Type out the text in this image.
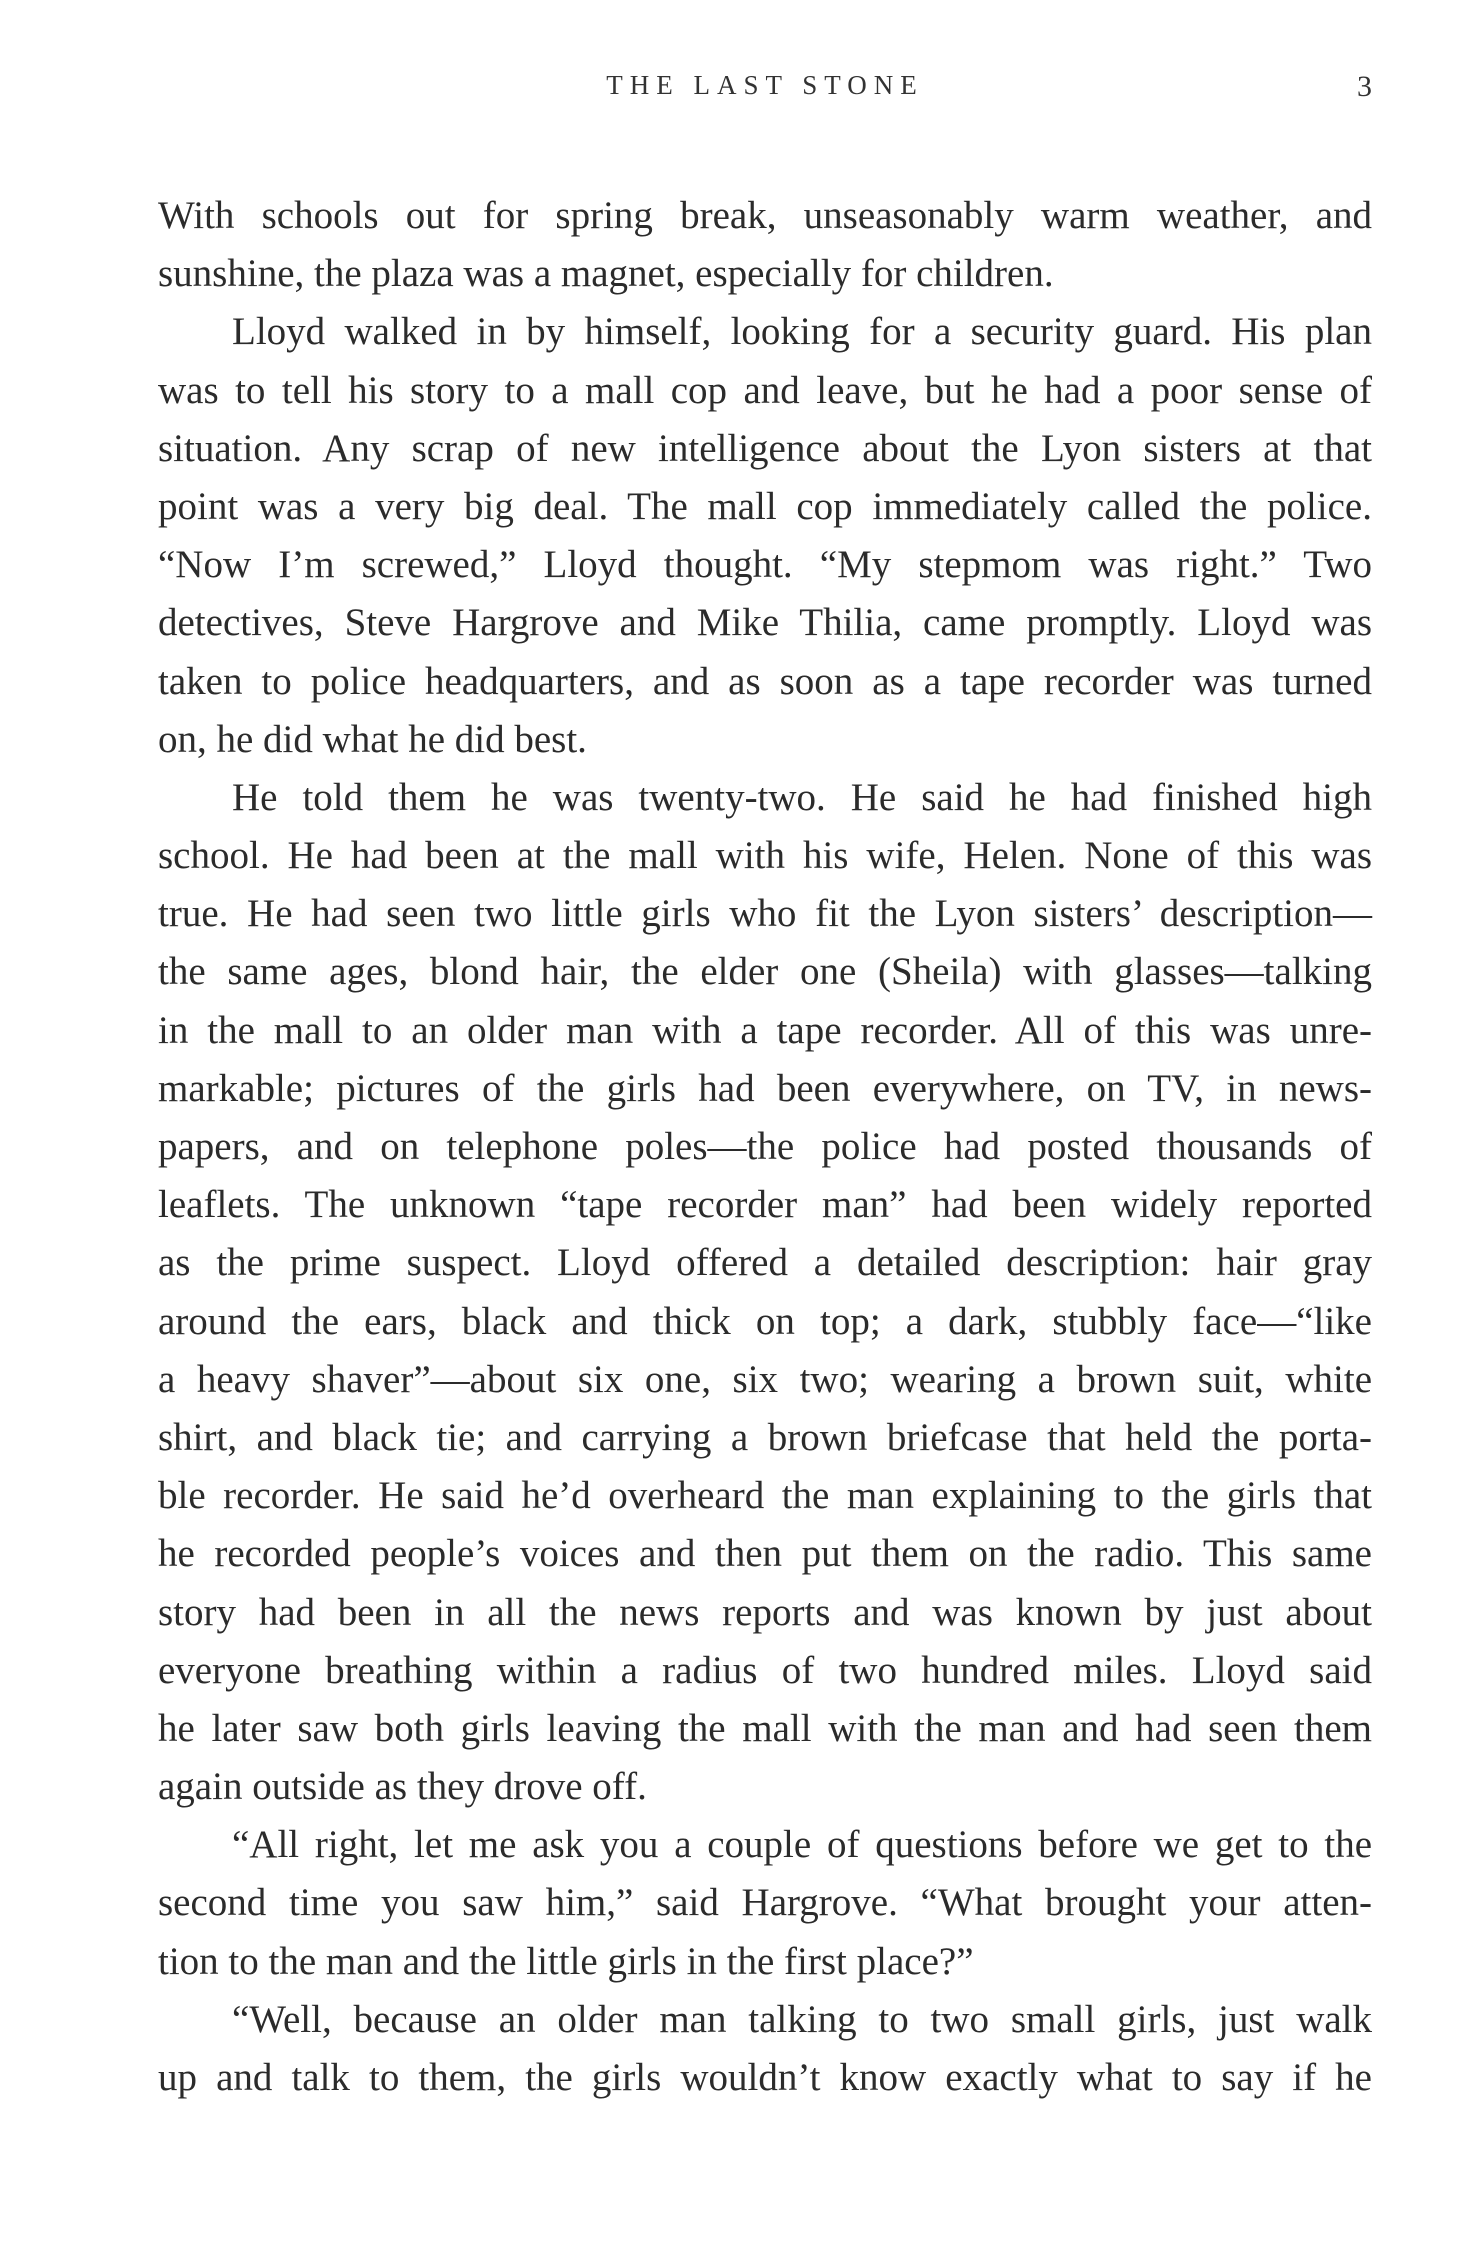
THE LAST STONE	3
With schools out for spring break, unseasonably warm weather, and
sunshine, the plaza was a magnet, especially for children.
Lloyd walked in by himself, looking for a security guard. His plan
was to tell his story to a mall cop and leave, but he had a poor sense of
situation. Any scrap of new intelligence about the Lyon sisters at that
point was a very big deal. The mall cop immediately called the police.
“Now I’m screwed,” Lloyd thought. “My stepmom was right.” Two
detectives, Steve Hargrove and Mike Thilia, came promptly. Lloyd was
taken to police headquarters, and as soon as a tape recorder was turned
on, he did what he did best.
He told them he was twenty-two. He said he had finished high
school. He had been at the mall with his wife, Helen. None of this was
true. He had seen two little girls who fit the Lyon sisters’ description—
the same ages, blond hair, the elder one (Sheila) with glasses—talking
in the mall to an older man with a tape recorder. All of this was unre-
markable; pictures of the girls had been everywhere, on TV, in news-
papers, and on telephone poles—the police had posted thousands of
leaflets. The unknown “tape recorder man” had been widely reported
as the prime suspect. Lloyd offered a detailed description: hair gray
around the ears, black and thick on top; a dark, stubbly face—“like
a heavy shaver”—about six one, six two; wearing a brown suit, white
shirt, and black tie; and carrying a brown briefcase that held the porta-
ble recorder. He said he’d overheard the man explaining to the girls that
he recorded people’s voices and then put them on the radio. This same
story had been in all the news reports and was known by just about
everyone breathing within a radius of two hundred miles. Lloyd said
he later saw both girls leaving the mall with the man and had seen them
again outside as they drove off.
“All right, let me ask you a couple of questions before we get to the
second time you saw him,” said Hargrove. “What brought your atten-
tion to the man and the little girls in the first place?”
“Well, because an older man talking to two small girls, just walk
up and talk to them, the girls wouldn’t know exactly what to say if he
